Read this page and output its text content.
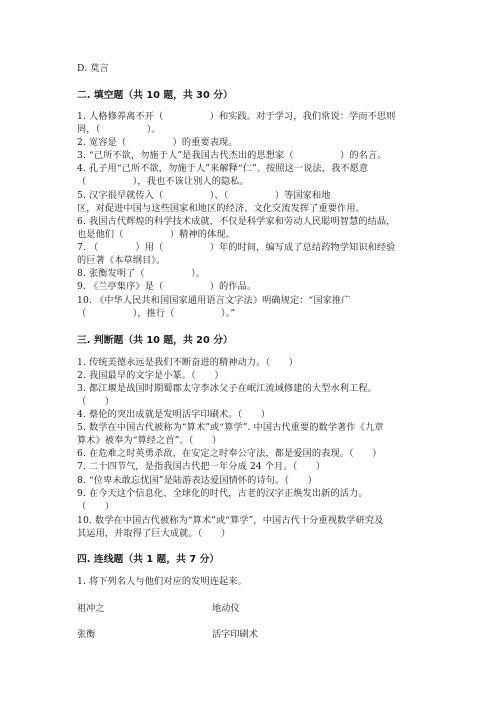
D. 莫言
二. 填空题（共 10 题，共 30 分）
1. 人格修养离不开（　　　　　）和实践。对于学习，我们常说：学而不思则
罔，（　　　　　）。
2. 宽容是（　　　　　）的重要表现。
3. “己所不欲，勿施于人”是我国古代杰出的思想家（　　　　　）的名言。
4. 孔子用“己所不欲，勿施于人”来解释“仁”。按照这一说法，我不愿意
（　　　　　），我也不该让别人的隐私。
5. 汉字很早就传入（　　　　　）、（　　　　　）等国家和地
区，对促进中国与这些国家和地区的经济、文化交流发挥了重要作用。
6. 我国古代辉煌的科学技术成就，不仅是科学家和劳动人民聪明智慧的结晶，
也是他们（　　　　　）精神的体现。
7. （　　　　）用（　　　　　）年的时间，编写成了总结药物学知识和经验
的巨著《本草纲目》。
8. 张衡发明了（　　　　　）。
9. 《兰亭集序》是（　　　　　）的作品。
10. 《中华人民共和国国家通用语言文字法》明确规定：“国家推广
（　　　　　），推行（　　　　　）。”
三. 判断题（共 10 题，共 20 分）
1. 传统美德永远是我们不断奋进的精神动力。（　　）
2. 我国最早的文字是小篆。（　　）
3. 都江堰是战国时期蜀郡太守李冰父子在岷江流域修建的大型水利工程。
（　　）
4. 蔡伦的突出成就是发明活字印刷术。（　　）
5. 数学在中国古代被称为“算术”或“算学”. 中国古代重要的数学著作《九章
算术》被奉为“算经之首”。（　　）
6. 在危难之时英勇杀敌，在安定之时奉公守法，都是爱国的表现。（　　）
7. 二十四节气，是指我国古代把一年分成 24 个月。（　　）
8. “位卑未敢忘忧国”是陆游表达爱国情怀的诗句。（　　）
9. 在今天这个信息化、全球化的时代，古老的汉字正焕发出新的活力。
（　　）
10. 数学在中国古代被称为“算术”或“算学”，中国古代十分重视数学研究及
其运用，并取得了巨大成就。（　　）
四. 连线题（共 1 题，共 7 分）
1. 将下列名人与他们对应的发明连起来。
祖冲之	地动仪
张衡	活字印刷术
